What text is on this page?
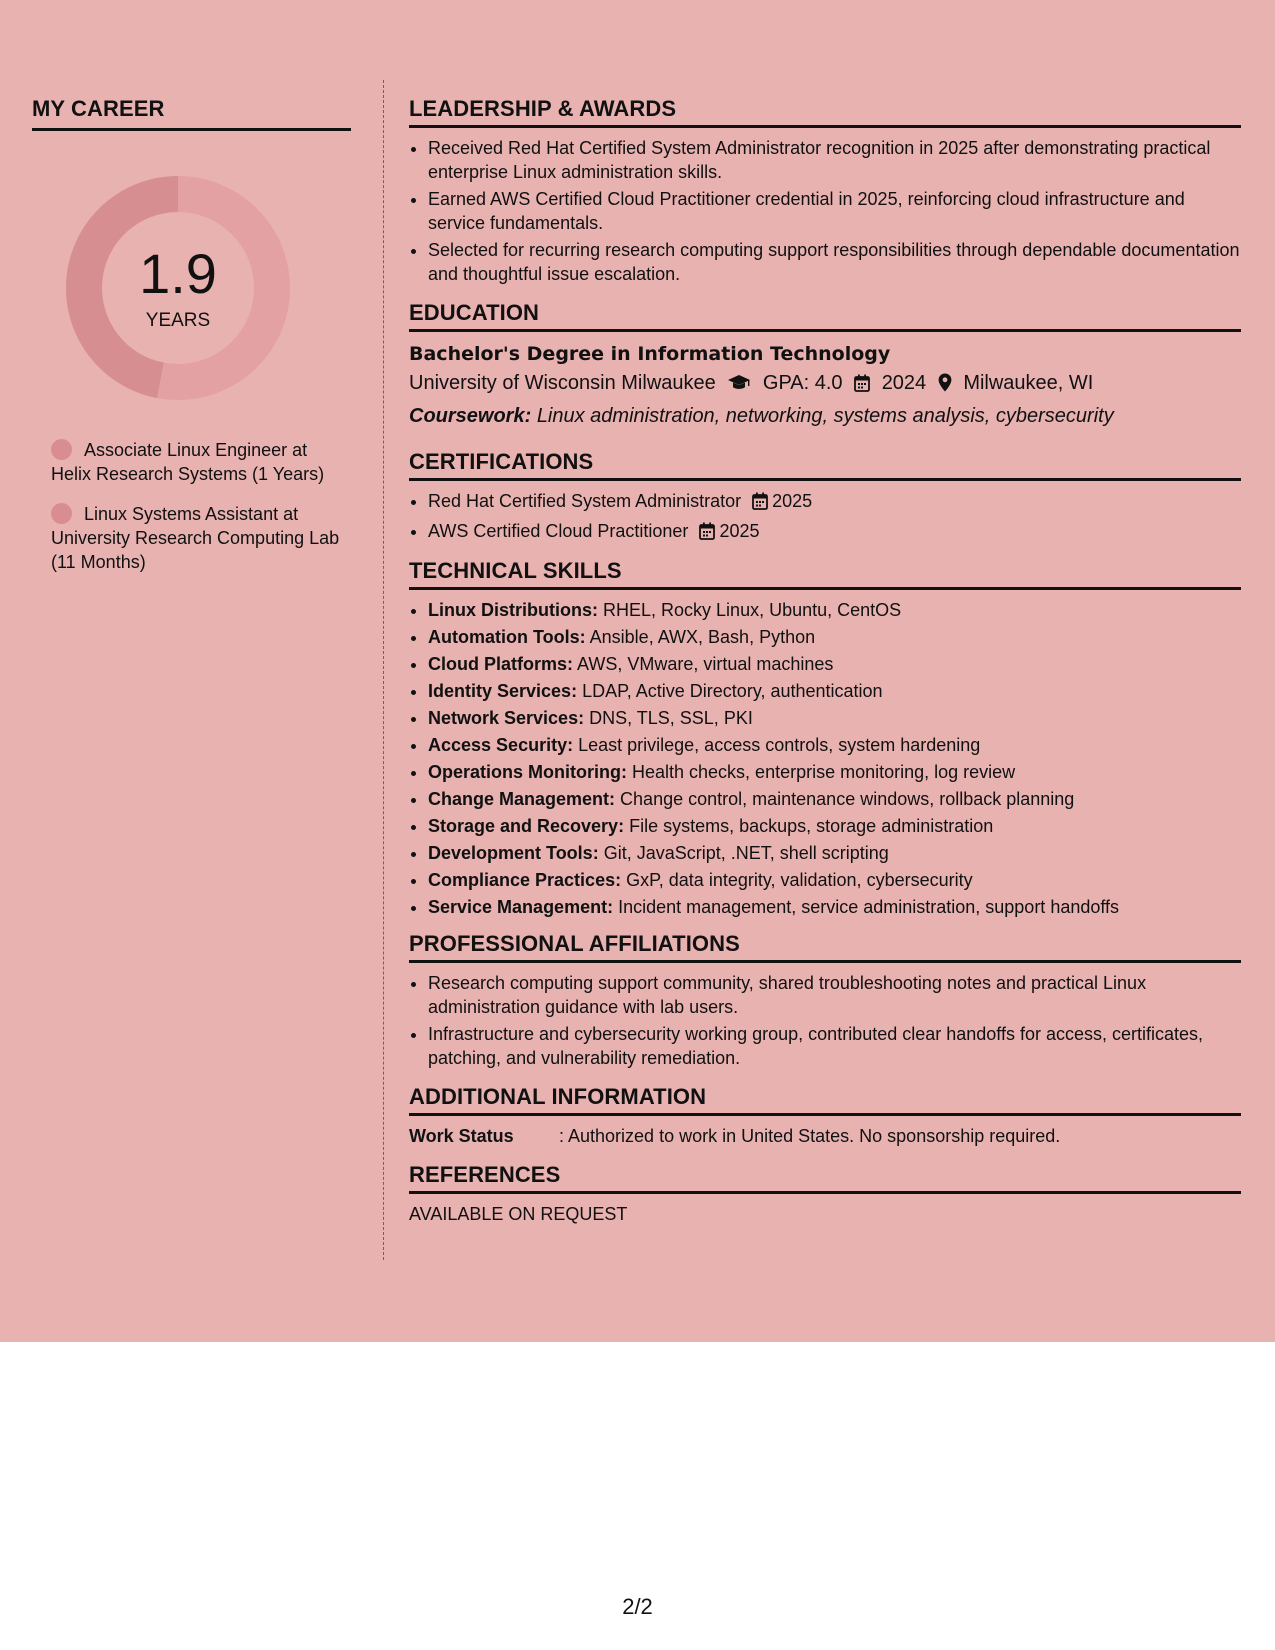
MY CAREER
1.9
YEARS
Associate Linux Engineer at Helix Research Systems (1 Years)
Linux Systems Assistant at University Research Computing Lab (11 Months)
LEADERSHIP & AWARDS
• Received Red Hat Certified System Administrator recognition in 2025 after demonstrating practical enterprise Linux administration skills.
• Earned AWS Certified Cloud Practitioner credential in 2025, reinforcing cloud infrastructure and service fundamentals.
• Selected for recurring research computing support responsibilities through dependable documentation and thoughtful issue escalation.
EDUCATION
Bachelor's Degree in Information Technology
University of Wisconsin Milwaukee GPA: 4.0 2024 Milwaukee, WI
Coursework: Linux administration, networking, systems analysis, cybersecurity
CERTIFICATIONS
• Red Hat Certified System Administrator 2025
• AWS Certified Cloud Practitioner 2025
TECHNICAL SKILLS
• Linux Distributions: RHEL, Rocky Linux, Ubuntu, CentOS
• Automation Tools: Ansible, AWX, Bash, Python
• Cloud Platforms: AWS, VMware, virtual machines
• Identity Services: LDAP, Active Directory, authentication
• Network Services: DNS, TLS, SSL, PKI
• Access Security: Least privilege, access controls, system hardening
• Operations Monitoring: Health checks, enterprise monitoring, log review
• Change Management: Change control, maintenance windows, rollback planning
• Storage and Recovery: File systems, backups, storage administration
• Development Tools: Git, JavaScript, .NET, shell scripting
• Compliance Practices: GxP, data integrity, validation, cybersecurity
• Service Management: Incident management, service administration, support handoffs
PROFESSIONAL AFFILIATIONS
• Research computing support community, shared troubleshooting notes and practical Linux administration guidance with lab users.
• Infrastructure and cybersecurity working group, contributed clear handoffs for access, certificates, patching, and vulnerability remediation.
ADDITIONAL INFORMATION
Work Status	: Authorized to work in United States. No sponsorship required.
REFERENCES
AVAILABLE ON REQUEST
2/2
